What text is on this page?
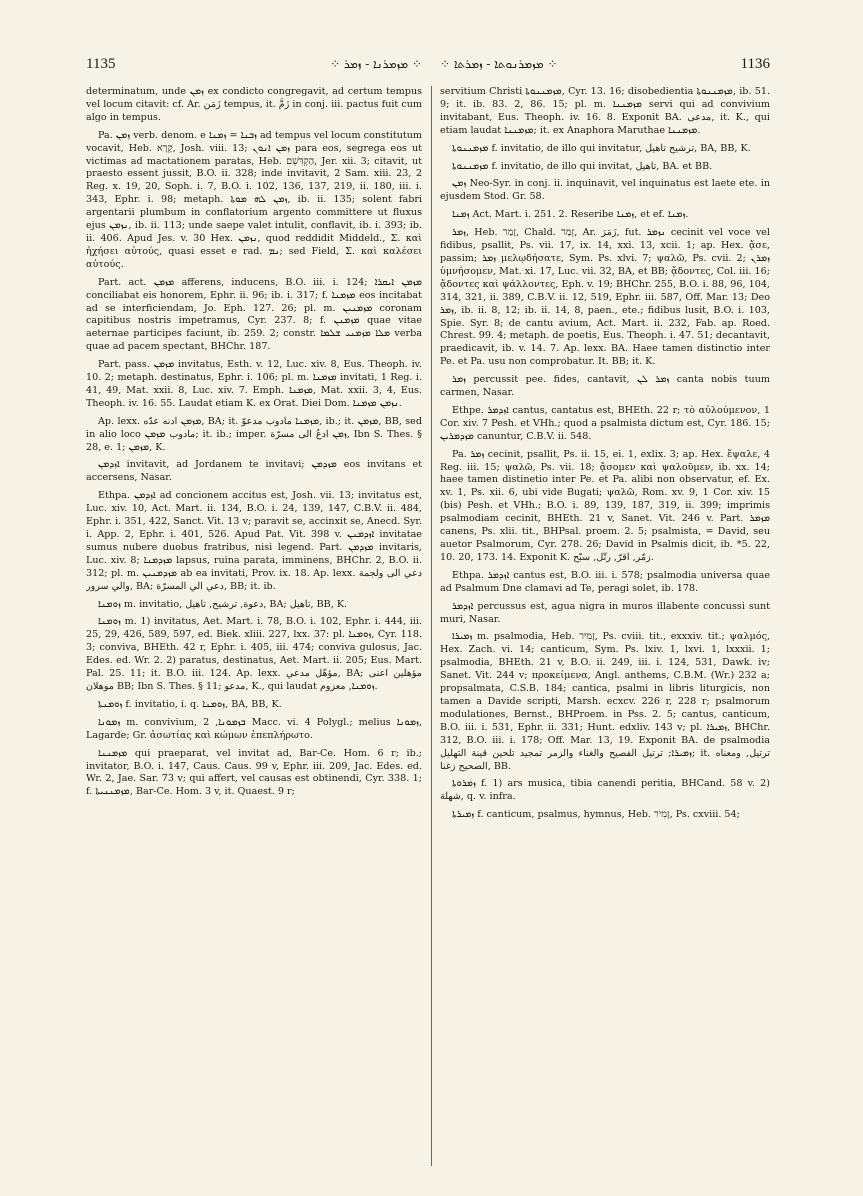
1135	⁘ ܡܙܡܪܢܐ - ܙܡܪ ⁘ ⁘ ܡܙܡܪܢܘܬܐ - ܙܡܪܬܐ ⁘	1136

determinatum, unde ܙܡܢ ex condicto congregavit, ad certum tempus vel locum citavit: cf. Ar. زَمَن tempus, it. زَمَّ in conj. iii. pactus fuit cum algo in tempus.

Pa. ܙܡܢ verb. denom. e ܙܒܢܐ = ܙܡܢܐ ad tempus vel locum constitutum vocavit, Heb. קָרָא, Josh. viii. 13; ܙܡܢ ܐܢܘܢ para eos, segrega eos ut victimas ad mactationem paratas, Heb. הַקְדִּשֵׁם, Jer. xii. 3; citavit, ut praesto essent jussit, B.O. ii. 328; inde invitavit, 2 Sam. xiii. 23, 2 Reg. x. 19, 20, Soph. i. 7, B.O. i. 102, 136, 137, 219, ii. 180, iii. i. 343, Ephr. i. 98; metaph. ܙܡܢ ܠܗ ܡܘܬܐ, ib. ii. 135; solent fabri argentarii plumbum in conflatorium argento committere ut fluxus ejus ܢܙܡܢ, ib. ii. 113; unde saepe valet intulit, conflavit, ib. i. 393; ib. ii. 406. Apud Jes. v. 30 Hex. ܢܙܡܢ, quod reddidit Middeld., Σ. καὶ ἠχήσει αὐτούς, quasi esset e rad. ܢܡ; sed Field, Σ. καὶ καλέσει αὐτούς.

Part. act. ܡܙܡܢ afferens, inducens, B.O. iii. i. 124; ܡܙܡܢ ܐܝܩܪܐ conciliabat eis honorem, Ephr. ii. 96; ib. i. 317; f. ܡܙܡܢܐ eos incitabat ad se interficiendam, Jo. Eph. 127. 26; pl. m. ܡܙܡܢܝܢ coronam capitibus nostris impetramus, Cyr. 237. 8; f. ܡܙܡܢܢ quae vitae aeternae participes faciunt, ib. 259. 2; constr. ܡܠܐ ܡܙܡܢܝ ܫܠܡܐ verba quae ad pacem spectant, BHChr. 187.

Part. pass. ܡܙܡܢ invitatus, Esth. v. 12, Luc. xiv. 8, Eus. Theoph. iv. 10. 2; metaph. destinatus, Ephr. i. 106; pl. m. ܡܙܡܢܐ invitati, 1 Reg. i. 41, 49, Mat. xxii. 8, Luc. xiv. 7. Emph. ܡܙܡܢܐ, Mat. xxii. 3, 4, Eus. Theoph. iv. 16. 55. Laudat etiam K. ex Orat. Diei Dom. ܢܙܡܢ ܡܙܡܢܐ.

Ap. lexx. ܡܙܡܢ ادنه عدّه, BA; it. ܡܙܡܢܐ مادوب مدعوّ, ib.; it. ܡܙܡܢ, BB, sed in alio loco مادوب ܡܙܡܢ; it. ib.; imper. ܙܡܢ ادعُ الى مسرّة, Ibn S. Thes. § 28, e. 1; ܡܙܡܢ, K.

ܐܙܕܡܢ invitavit, ad Jordanem te invitavi; ܡܙܕܡܢ eos invitans et accersens, Nasar.

Ethpa. ܐܙܕܡܢ ad concionem accitus est, Josh. vii. 13; invitatus est, Luc. xiv. 10, Act. Mart. ii. 134, B.O. i. 24, 139, 147, C.B.V. ii. 484, Ephr. i. 351, 422, Sanct. Vit. 13 v; paravit se, accinxit se, Anecd. Syr. i. App. 2, Ephr. i. 401, 526. Apud Pat. Vit. 398 v. ܐܙܕܡܢܢ invitatae sumus nubere duobus fratribus, nisi legend. Part. ܡܙܕܡܢ invitaris, Luc. xiv. 8; ܡܙܕܡܢܐ lapsus, ruina parata, imminens, BHChr. 2, B.O. ii. 312; pl. m. ܡܙܕܡܢܝܢ ab ea invitati, Prov. ix. 18. Ap. lexx. دعي الى ولجمة والي سرور, BA; دعي الي المسرّة, BB; it. ib.

ܙܘܡܢܐ m. invitatio, دعوة, ترشيح, تاهيل, BA; تاهيل, BB, K.

ܙܘܡܢܐ m. 1) invitatus, Aet. Mart. i. 78, B.O. i. 102, Ephr. i. 444, iii. 25, 29, 426, 589, 597, ed. Biek. xliii. 227, lxx. 37: pl. ܙܘܡܢܐ, Cyr. 118. 3; conviva, BHEth. 42 r, Ephr. i. 405, iii. 474; conviva gulosus, Jac. Edes. ed. Wr. 2. 2) paratus, destinatus, Aet. Mart. ii. 205; Eus. Mart. Pal. 25. 11; it. B.O. iii. 124. Ap. lexx. مؤهّل مدعي, BA; مؤهلين اعنى موهلان BB; Ibn S. Thes. § 11; مدعو, K., qui laudat ܙܘܡܢܐ, معزوم.

ܙܘܡܢܬܐ f. invitatio, i. q. ܙܘܡܢܐ, BA, BB, K.

ܙܡܘܢܐ m. convivium, ܒܙܡܘܢܐ, 2 Macc. vi. 4 Polygl.; melius ܙܡܘܢܐ, Lagarde; Gr. ἀσωτίας καὶ κώμων ἐπεπλήρωτο.

ܡܙܡܢܢܐ qui praeparat, vel invitat ad, Bar-Ce. Hom. 6 r; ib.; invitator, B.O. i. 147, Caus. Caus. 99 v, Ephr. iii. 209, Jac. Edes. ed. Wr. 2, Jae. Sar. 73 v; qui affert, vel causas est obtinendi, Cyr. 338. 1; f. ܡܙܡܢܢܝܬܐ, Bar-Ce. Hom. 3 v, it. Quaest. 9 r;

servitium Christi ܡܙܡܢܢܘܬܐ, Cyr. 13. 16; disobedientia ܡܙܡܢܢܘܬܐ, ib. 51. 9; it. ib. 83. 2, 86. 15; pl. m. ܡܙܡܢܢܐ servi qui ad convivium invitabant, Eus. Theoph. iv. 16. 8. Exponit BA. مدعى, it. K., qui etiam laudat ܡܙܡܢܢܐ; it. ex Anaphora Maruthae ܡܙܡܢܢܐ.

ܡܙܡܢܢܘܬܐ f. invitatio, de illo qui invitatur, ترشيح تاهيل, BA, BB, K.

ܡܙܡܢܢܘܬܐ f. invitatio, de illo qui invitat, تاهيل, BA. et BB.

ܙܡܢ Neo-Syr. in conj. ii. inquinavit, vel inquinatus est laete ete. in ejusdem Stod. Gr. 58.

ܙܡܢܐ Act. Mart. i. 251. 2. Reseribe ܙܡܢܐ, et ef. ܙܡܢܐ.

ܙܡܪ, Heb. זָמַר, Chald. זְמַר, Ar. زَمَرَ, fut. ܢܙܡܪ cecinit vel voce vel fidibus, psallit, Ps. vii. 17, ix. 14, xxi. 13, xcii. 1; ap. Hex. ᾄσε, passim; ܙܡܪ μελῳδήσατε, Sym. Ps. xlvi. 7; ψαλῶ, Ps. cvii. 2; ܙܡܪܢ ὑμνήσομεν, Mat. xi. 17, Luc. vii. 32, BA, et BB; ᾄδοντες, Col. iii. 16; ᾄδοντες καὶ ψάλλοντες, Eph. v. 19; BHChr. 255, B.O. i. 88, 96, 104, 314, 321, ii. 389, C.B.V. ii. 12, 519, Ephr. iii. 587, Off. Mar. 13; Deo ܙܡܪ, ib. ii. 8, 12; ib. ii. 14, 8, paen., ete.; fidibus lusit, B.O. i. 103, Spie. Syr. 8; de cantu avium, Act. Mart. ii. 232, Fab. ap. Roed. Chrest. 99. 4; metaph. de poetis, Eus. Theoph. i. 47. 51; decantavit, praedicavit, ib. v. 14. 7. Ap. lexx. BA. Haee tamen distinctio inter Pe. et Pa. usu non comprobatur. It. BB; it. K.

ܙܡܪ percussit pee. fides, cantavit, ܙܡܪ ܠܢ canta nobis tuum carmen, Nasar.

Ethpe. ܐܙܕܡܪ cantus, cantatus est, BHEth. 22 r; τὸ αὐλούμενον, 1 Cor. xiv. 7 Pesh. et VHh.; quod a psalmista dictum est, Cyr. 186. 15; ܡܙܕܡܪܝܢ canuntur, C.B.V. ii. 548.

Pa. ܙܡܪ cecinit, psallit, Ps. ii. 15, ei. 1, exlix. 3; ap. Hex. ἔψαλε, 4 Reg. iii. 15; ψαλῶ, Ps. vii. 18; ᾄσομεν καὶ ψαλοῦμεν, ib. xx. 14; haee tamen distinetio inter Pe. et Pa. alibi non observatur, ef. Ex. xv. 1, Ps. xii. 6, ubi vide Bugati; ψαλῶ, Rom. xv. 9, 1 Cor. xiv. 15 (bis) Pesh. et VHh.; B.O. i. 89, 139, 187, 319, ii. 399; imprimis psalmodiam cecinit, BHEth. 21 v, Sanet. Vit. 246 v. Part. ܡܙܡܪ canens, Ps. xlii. tit., BHPsal. proem. 2. 5; psalmista, = David, seu auetor Psalmorum, Cyr. 278. 26; David in Psalmis dicit, ib. *5. 22, 10. 20, 173. 14. Exponit K. زمّر, اقرّ, رتّل, سبّح.

Ethpa. ܐܙܕܡܪ cantus est, B.O. iii. i. 578; psalmodia universa quae ad Psalmum Dne clamavi ad Te, peragi solet, ib. 178.

ܐܙܕܡܪ percussus est, agua nigra in muros illabente concussi sunt muri, Nasar.

ܙܡܝܪܐ m. psalmodia, Heb. זָמִיר, Ps. cviii. tit., exxxiv. tit.; ψαλμός, Hex. Zach. vi. 14; canticum, Sym. Ps. lxiv. 1, lxvi. 1, lxxxii. 1; psalmodia, BHEth. 21 v, B.O. ii. 249, iii. i. 124, 531, Dawk. iv; Sanet. Vit. 244 v; προκείμενα, Angl. anthems, C.B.M. (Wr.) 232 a; propsalmata, C.S.B. 184; cantica, psalmi in libris liturgicis, non tamen a Davide scripti, Marsh. ecxcv. 226 r, 228 r; psalmorum modulationes, Bernst., BHProem. in Pss. 2. 5; cantus, canticum, B.O. iii. i. 531, Ephr. ii. 331; Hunt. edxliv. 143 v; pl. ܙܡܝܪܐ, BHChr. 312, B.O. iii. i. 178; Off. Mar. 13, 19. Exponit BA. de psalmodia ܙܡܝܪܐ; ترتيل الفصيح والغناء والزمر تمجيد تلحين قينة التهليل; it. ترتيل, ومعناه الصحيح زغنا, BB.

ܙܡܪܘܬܐ f. 1) ars musica, tibia canendi peritia, BHCand. 58 v. 2) شهلة, q. v. infra.

ܙܡܝܪܬܐ f. canticum, psalmus, hymnus, Heb. זָמִיר, Ps. cxviii. 54;
